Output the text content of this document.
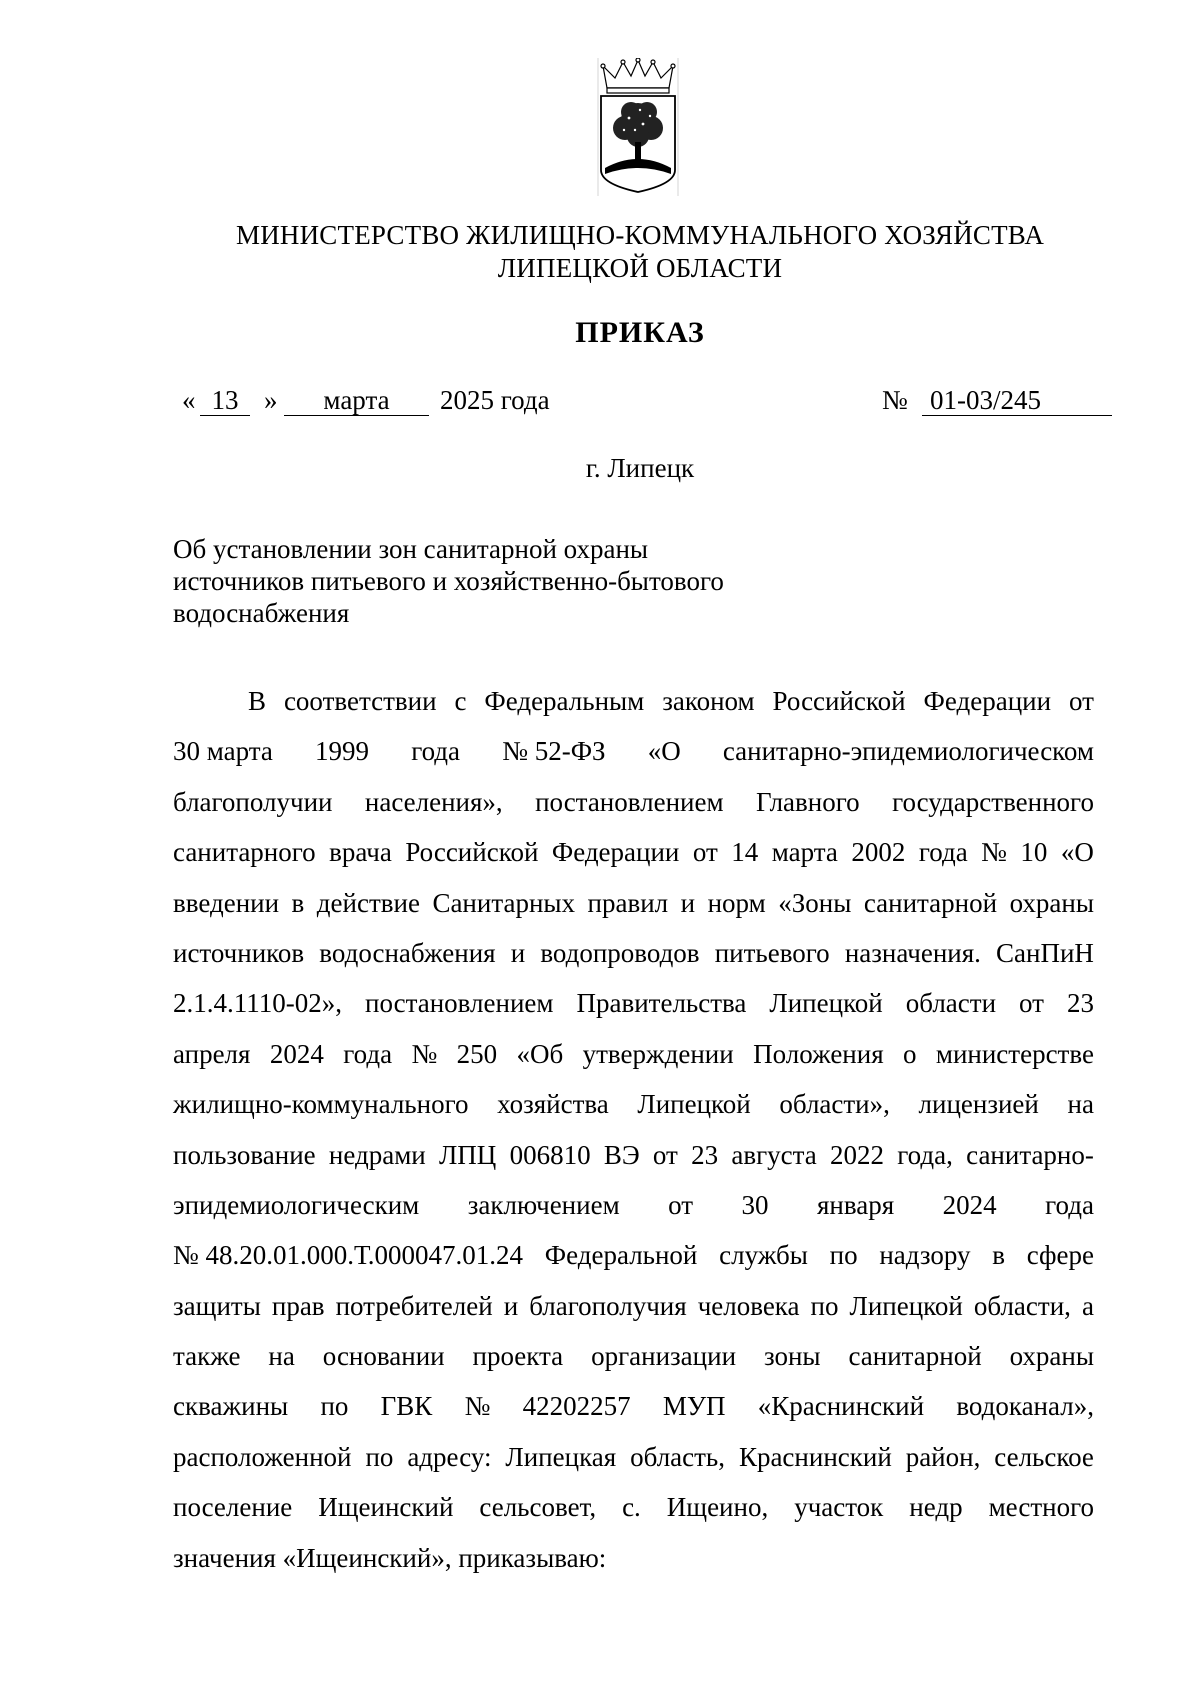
МИНИСТЕРСТВО ЖИЛИЩНО-КОММУНАЛЬНОГО ХОЗЯЙСТВА
ЛИПЕЦКОЙ ОБЛАСТИ
ПРИКАЗ
« 13 »	марта	2025 года	№ 01-03/245
г. Липецк
Об установлении зон санитарной охраны
источников питьевого и хозяйственно-бытового
водоснабжения
В соответствии с Федеральным законом Российской Федерации от
30 марта 1999 года № 52-ФЗ «О санитарно-эпидемиологическом
благополучии населения», постановлением Главного государственного
санитарного врача Российской Федерации от 14 марта 2002 года № 10 «О
введении в действие Санитарных правил и норм «Зоны санитарной охраны
источников водоснабжения и водопроводов питьевого назначения. СанПиН
2.1.4.1110-02», постановлением Правительства Липецкой области от 23
апреля 2024 года № 250 «Об утверждении Положения о министерстве
жилищно-коммунального хозяйства Липецкой области», лицензией на
пользование недрами ЛПЦ 006810 ВЭ от 23 августа 2022 года, санитарно-
эпидемиологическим заключением от 30 января 2024 года
№ 48.20.01.000.Т.000047.01.24 Федеральной службы по надзору в сфере
защиты прав потребителей и благополучия человека по Липецкой области, а
также на основании проекта организации зоны санитарной охраны
скважины по ГВК № 42202257 МУП «Краснинский водоканал»,
расположенной по адресу: Липецкая область, Краснинский район, сельское
поселение Ищеинский сельсовет, с. Ищеино, участок недр местного
значения «Ищеинский», приказываю:
